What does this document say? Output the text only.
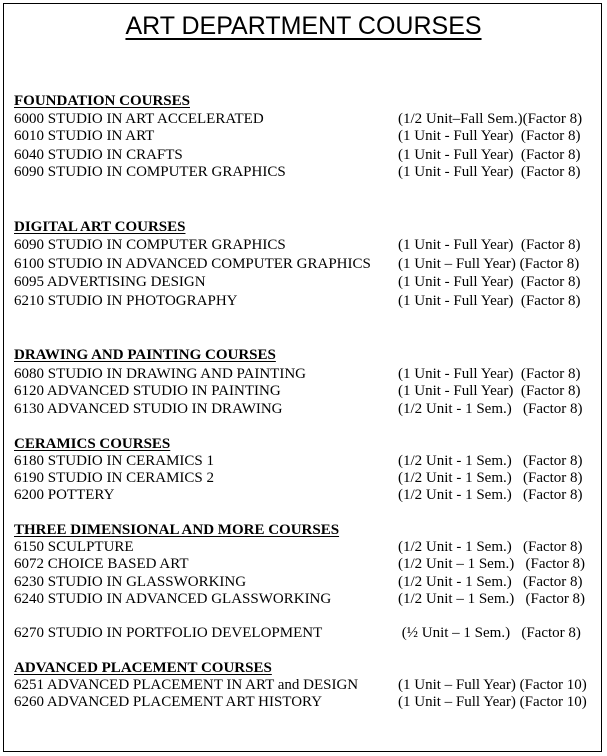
ART DEPARTMENT COURSES
FOUNDATION COURSES
6000 STUDIO IN ART ACCELERATED	(1/2 Unit–Fall Sem.)(Factor 8)
6010 STUDIO IN ART	(1 Unit - Full Year)  (Factor 8)
6040 STUDIO IN CRAFTS	(1 Unit - Full Year)  (Factor 8)
6090 STUDIO IN COMPUTER GRAPHICS	(1 Unit - Full Year)  (Factor 8)
DIGITAL ART COURSES
6090 STUDIO IN COMPUTER GRAPHICS	(1 Unit - Full Year)  (Factor 8)
6100 STUDIO IN ADVANCED COMPUTER GRAPHICS (1 Unit – Full Year) (Factor 8)
6095 ADVERTISING DESIGN	(1 Unit - Full Year)  (Factor 8)
6210 STUDIO IN PHOTOGRAPHY	(1 Unit - Full Year)  (Factor 8)
DRAWING AND PAINTING COURSES
6080 STUDIO IN DRAWING AND PAINTING	(1 Unit - Full Year)  (Factor 8)
6120 ADVANCED STUDIO IN PAINTING	(1 Unit - Full Year)  (Factor 8)
6130 ADVANCED STUDIO IN DRAWING	(1/2 Unit - 1 Sem.)   (Factor 8)
CERAMICS COURSES
6180 STUDIO IN CERAMICS 1	(1/2 Unit - 1 Sem.)   (Factor 8)
6190 STUDIO IN CERAMICS 2	(1/2 Unit - 1 Sem.)   (Factor 8)
6200 POTTERY	(1/2 Unit - 1 Sem.)   (Factor 8)
THREE DIMENSIONAL AND MORE COURSES
6150 SCULPTURE	(1/2 Unit - 1 Sem.)   (Factor 8)
6072 CHOICE BASED ART	(1/2 Unit – 1 Sem.)   (Factor 8)
6230 STUDIO IN GLASSWORKING	(1/2 Unit - 1 Sem.)   (Factor 8)
6240 STUDIO IN ADVANCED GLASSWORKING	(1/2 Unit – 1 Sem.)   (Factor 8)
6270 STUDIO IN PORTFOLIO DEVELOPMENT	(½ Unit – 1 Sem.)   (Factor 8)
ADVANCED PLACEMENT COURSES
6251 ADVANCED PLACEMENT IN ART and DESIGN	(1 Unit – Full Year) (Factor 10)
6260 ADVANCED PLACEMENT ART HISTORY	(1 Unit – Full Year) (Factor 10)
